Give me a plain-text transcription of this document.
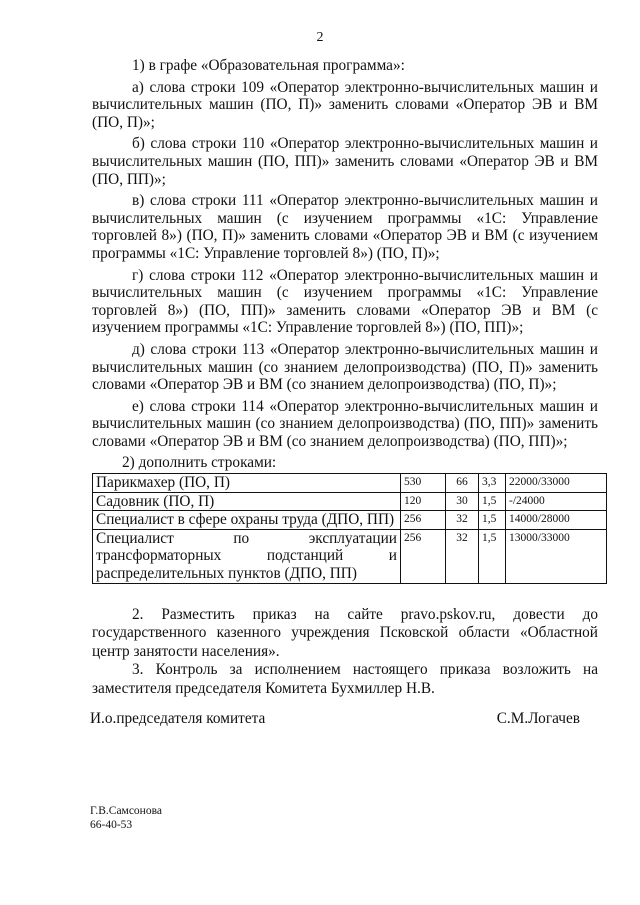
2

1) в графе «Образовательная программа»:

а) слова строки 109 «Оператор электронно-вычислительных машин и вычислительных машин (ПО, П)» заменить словами «Оператор ЭВ и ВМ (ПО, П)»;

б) слова строки 110 «Оператор электронно-вычислительных машин и вычислительных машин (ПО, ПП)» заменить словами «Оператор ЭВ и ВМ (ПО, ПП)»;

в) слова строки 111 «Оператор электронно-вычислительных машин и вычислительных машин (с изучением программы «1С: Управление торговлей 8») (ПО, П)» заменить словами «Оператор ЭВ и ВМ (с изучением программы «1С: Управление торговлей 8») (ПО, П)»;

г) слова строки 112 «Оператор электронно-вычислительных машин и вычислительных машин (с изучением программы «1С: Управление торговлей 8») (ПО, ПП)» заменить словами «Оператор ЭВ и ВМ (с изучением программы «1С: Управление торговлей 8») (ПО, ПП)»;

д) слова строки 113 «Оператор электронно-вычислительных машин и вычислительных машин (со знанием делопроизводства) (ПО, П)» заменить словами «Оператор ЭВ и ВМ (со знанием делопроизводства) (ПО, П)»;

е) слова строки 114 «Оператор электронно-вычислительных машин и вычислительных машин (со знанием делопроизводства) (ПО, ПП)» заменить словами «Оператор ЭВ и ВМ (со знанием делопроизводства) (ПО, ПП)»;

2) дополнить строками:

Парикмахер (ПО, П)	530	66	3,3	22000/33000
Садовник (ПО, П)	120	30	1,5	-/24000
Специалист в сфере охраны труда (ДПО, ПП)	256	32	1,5	14000/28000
Специалист по эксплуатации трансформаторных подстанций и распределительных пунктов (ДПО, ПП)	256	32	1,5	13000/33000

2. Разместить приказ на сайте pravo.pskov.ru, довести до государственного казенного учреждения Псковской области «Областной центр занятости населения».

3. Контроль за исполнением настоящего приказа возложить на заместителя председателя Комитета Бухмиллер Н.В.

И.о.председателя комитета	С.М.Логачев
Г.В.Самсонова
66-40-53
